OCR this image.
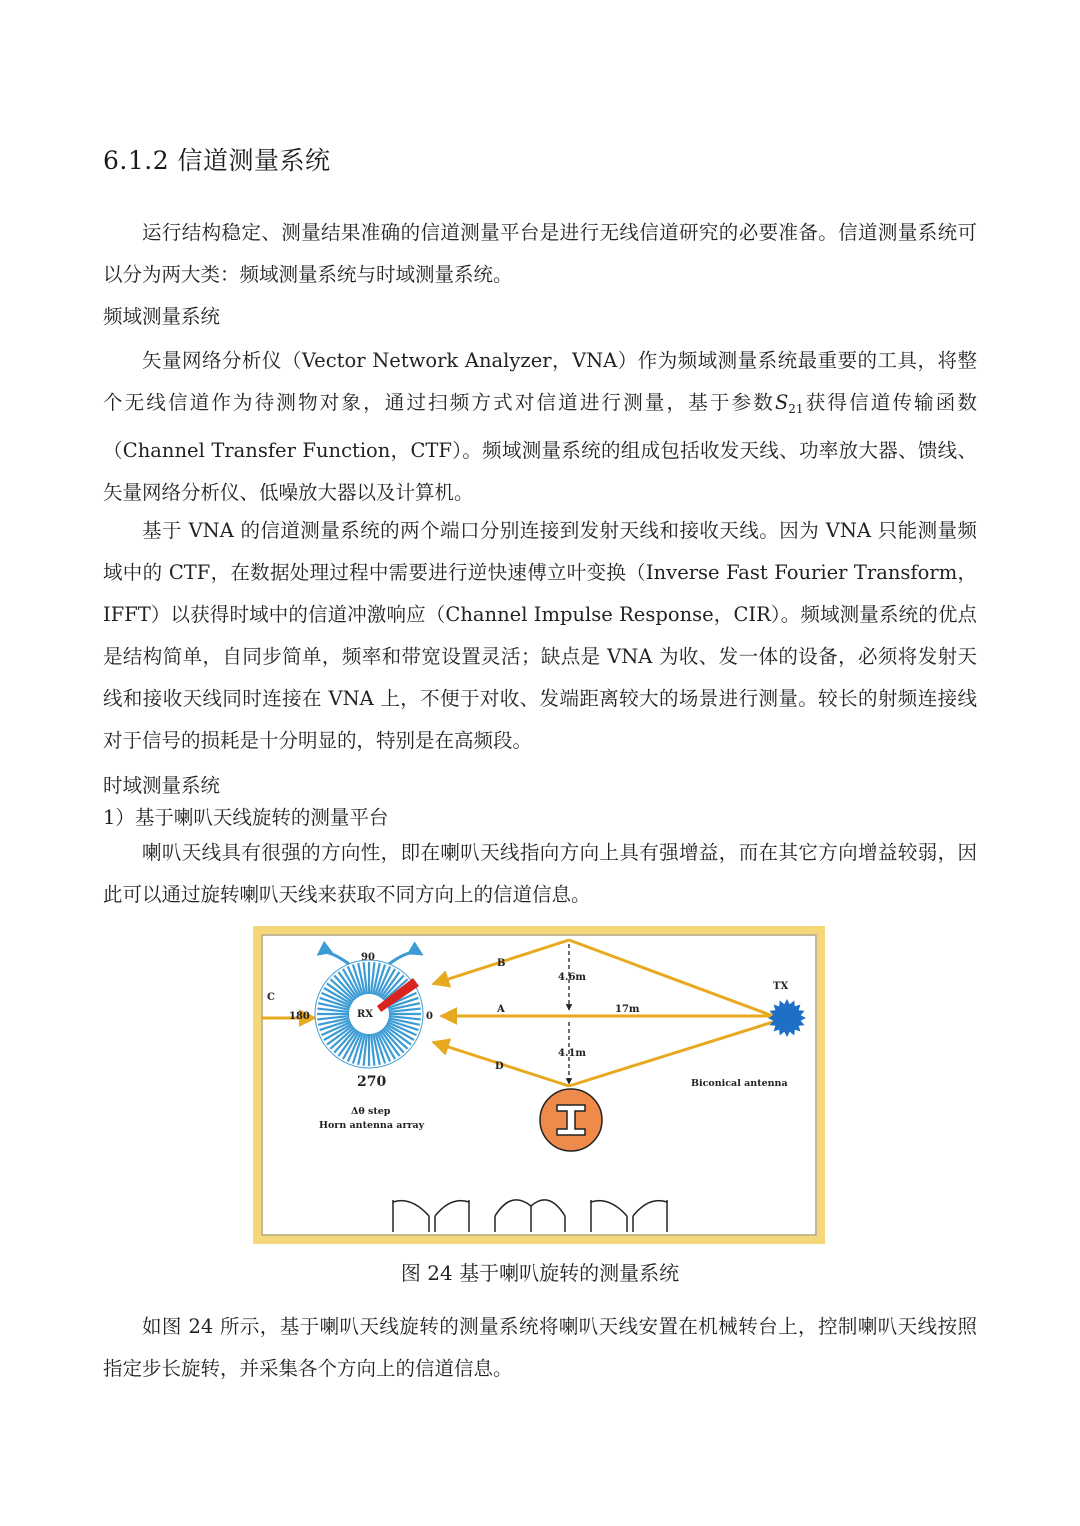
6.1.2 信道测量系统
运行结构稳定、测量结果准确的信道测量平台是进行无线信道研究的必要准备。信道测量系统可以分为两大类：频域测量系统与时域测量系统。
频域测量系统
矢量网络分析仪（Vector Network Analyzer，VNA）作为频域测量系统最重要的工具，将整个无线信道作为待测物对象，通过扫频方式对信道进行测量，基于参数$S_{21}$获得信道传输函数（Channel Transfer Function，CTF）。频域测量系统的组成包括收发天线、功率放大器、馈线、矢量网络分析仪、低噪放大器以及计算机。
基于 VNA 的信道测量系统的两个端口分别连接到发射天线和接收天线。因为 VNA 只能测量频域中的 CTF，在数据处理过程中需要进行逆快速傅立叶变换（Inverse Fast Fourier Transform，IFFT）以获得时域中的信道冲激响应（Channel Impulse Response，CIR）。频域测量系统的优点是结构简单，自同步简单，频率和带宽设置灵活；缺点是 VNA 为收、发一体的设备，必须将发射天线和接收天线同时连接在 VNA 上，不便于对收、发端距离较大的场景进行测量。较长的射频连接线对于信号的损耗是十分明显的，特别是在高频段。
时域测量系统
1）基于喇叭天线旋转的测量平台
喇叭天线具有很强的方向性，即在喇叭天线指向方向上具有强增益，而在其它方向增益较弱，因此可以通过旋转喇叭天线来获取不同方向上的信道信息。
90
180	0
270
RX
TX
A
B
C
D
4.6m
4.1m
17m
Δθ step
Horn antenna array
Biconical antenna
图 24 基于喇叭旋转的测量系统
如图 24 所示，基于喇叭天线旋转的测量系统将喇叭天线安置在机械转台上，控制喇叭天线按照指定步长旋转，并采集各个方向上的信道信息。
